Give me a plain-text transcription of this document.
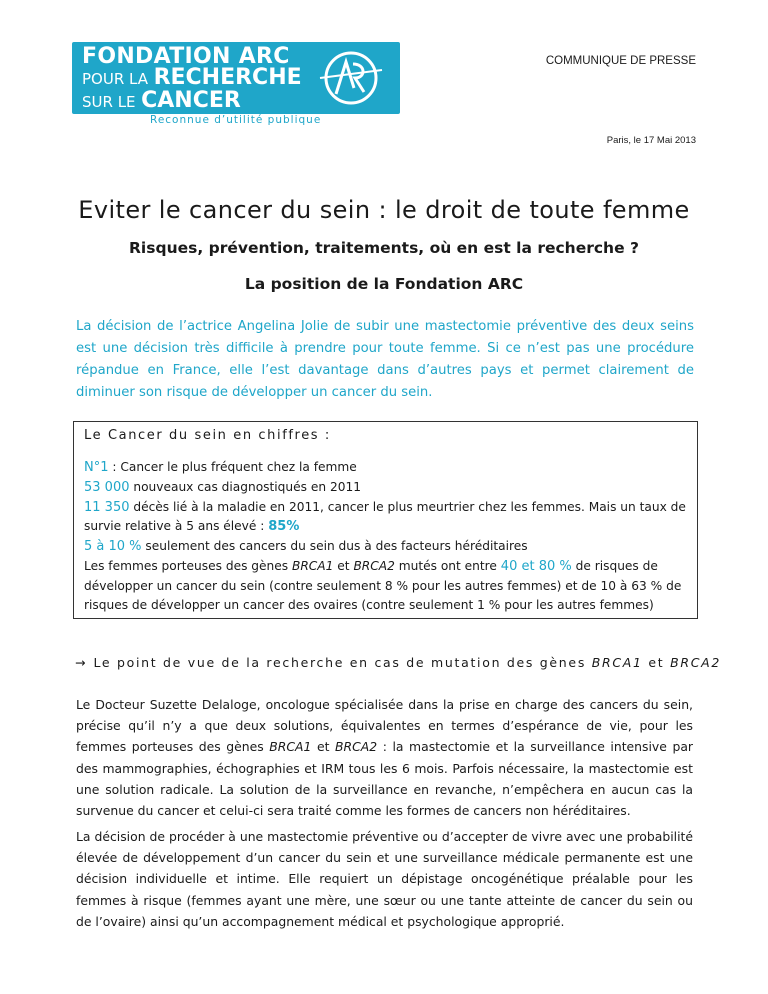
FONDATION ARC
POUR LA RECHERCHE
SUR LE CANCER
Reconnue d’utilité publique
COMMUNIQUE DE PRESSE
Paris, le 17 Mai 2013
Eviter le cancer du sein : le droit de toute femme
Risques, prévention, traitements, où en est la recherche ?
La position de la Fondation ARC
La décision de l’actrice Angelina Jolie de subir une mastectomie préventive des deux seins est une décision très difficile à prendre pour toute femme. Si ce n’est pas une procédure répandue en France, elle l’est davantage dans d’autres pays et permet clairement de diminuer son risque de développer un cancer du sein.
Le Cancer du sein en chiffres :
N°1 : Cancer le plus fréquent chez la femme
53 000 nouveaux cas diagnostiqués en 2011
11 350 décès lié à la maladie en 2011, cancer le plus meurtrier chez les femmes. Mais un taux de survie relative à 5 ans élevé : 85%
5 à 10 % seulement des cancers du sein dus à des facteurs héréditaires
Les femmes porteuses des gènes BRCA1 et BRCA2 mutés ont entre 40 et 80 % de risques de développer un cancer du sein (contre seulement 8 % pour les autres femmes) et de 10 à 63 % de risques de développer un cancer des ovaires (contre seulement 1 % pour les autres femmes)
→ Le point de vue de la recherche en cas de mutation des gènes BRCA1 et BRCA2
Le Docteur Suzette Delaloge, oncologue spécialisée dans la prise en charge des cancers du sein, précise qu’il n’y a que deux solutions, équivalentes en termes d’espérance de vie, pour les femmes porteuses des gènes BRCA1 et BRCA2 : la mastectomie et la surveillance intensive par des mammographies, échographies et IRM tous les 6 mois. Parfois nécessaire, la mastectomie est une solution radicale. La solution de la surveillance en revanche, n’empêchera en aucun cas la survenue du cancer et celui-ci sera traité comme les formes de cancers non héréditaires.
La décision de procéder à une mastectomie préventive ou d’accepter de vivre avec une probabilité élevée de développement d’un cancer du sein et une surveillance médicale permanente est une décision individuelle et intime. Elle requiert un dépistage oncogénétique préalable pour les femmes à risque (femmes ayant une mère, une sœur ou une tante atteinte de cancer du sein ou de l’ovaire) ainsi qu’un accompagnement médical et psychologique approprié.
